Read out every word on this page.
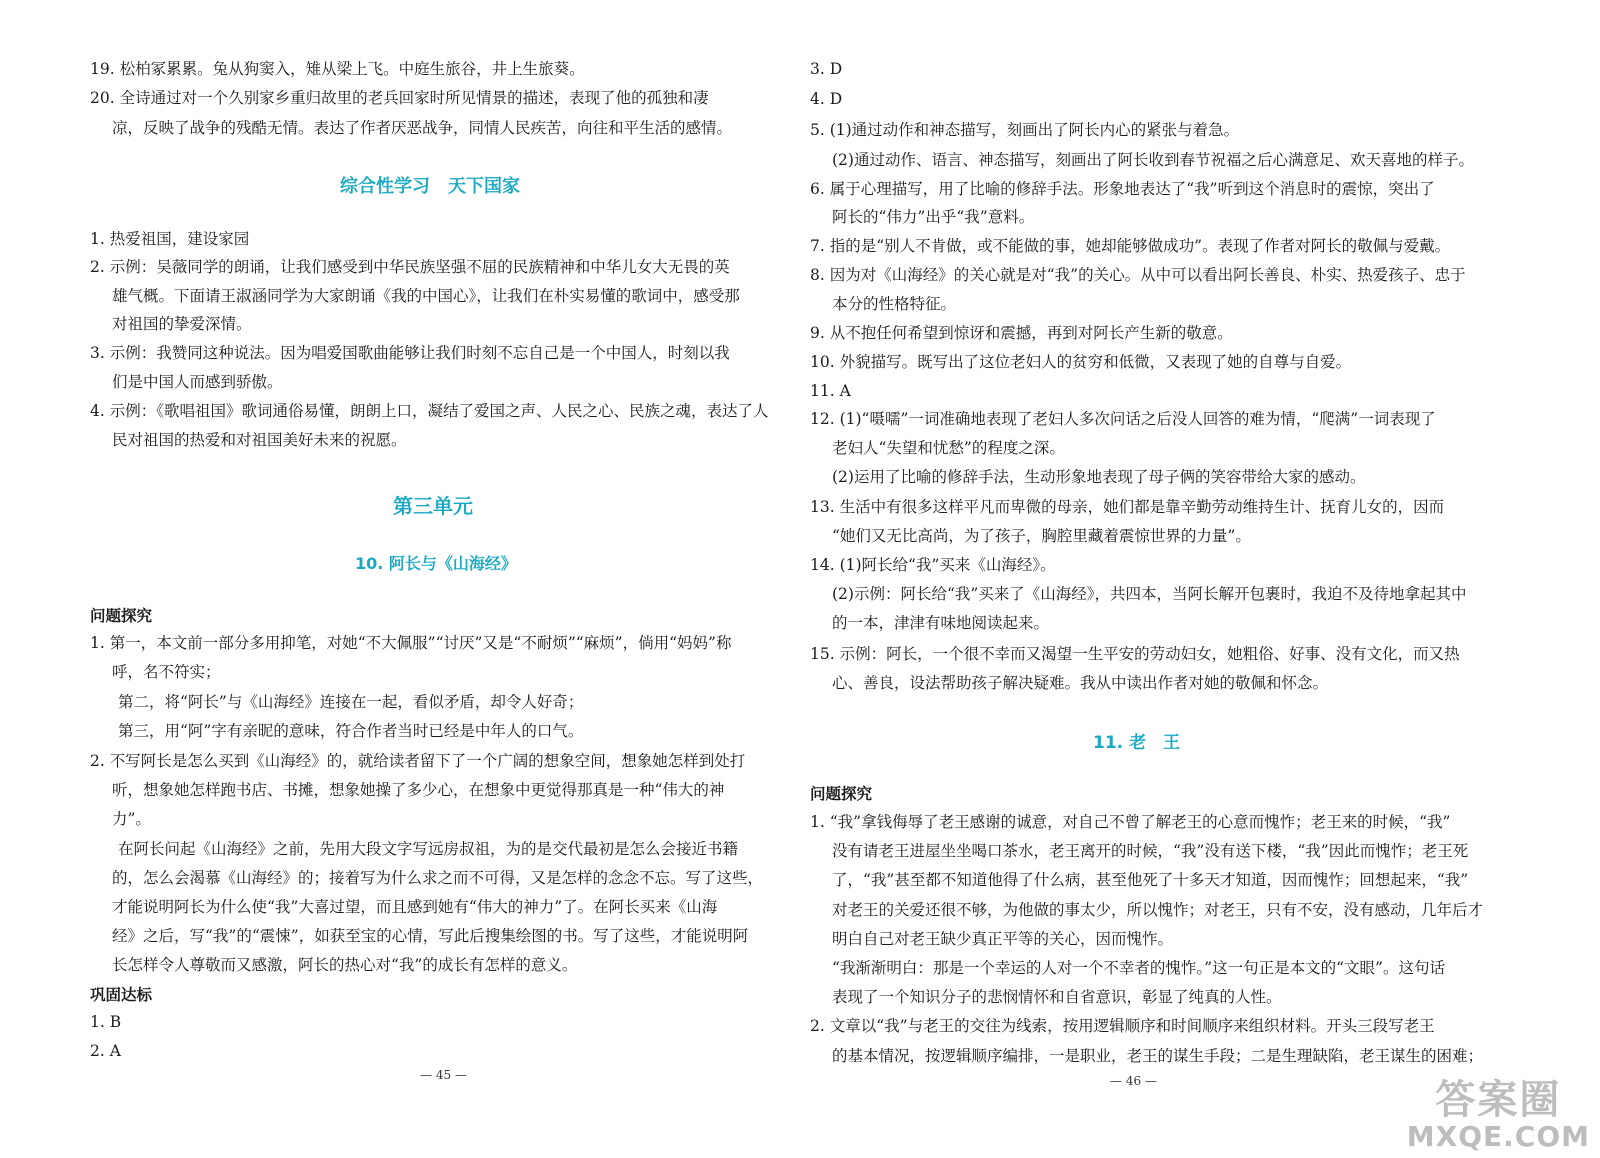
19. 松柏冢累累。兔从狗窦入，雉从梁上飞。中庭生旅谷，井上生旅葵。
20. 全诗通过对一个久别家乡重归故里的老兵回家时所见情景的描述，表现了他的孤独和凄
凉，反映了战争的残酷无情。表达了作者厌恶战争，同情人民疾苦，向往和平生活的感情。
综合性学习　天下国家
1. 热爱祖国，建设家园
2. 示例：吴薇同学的朗诵，让我们感受到中华民族坚强不屈的民族精神和中华儿女大无畏的英
雄气概。下面请王淑涵同学为大家朗诵《我的中国心》，让我们在朴实易懂的歌词中，感受那
对祖国的挚爱深情。
3. 示例：我赞同这种说法。因为唱爱国歌曲能够让我们时刻不忘自己是一个中国人，时刻以我
们是中国人而感到骄傲。
4. 示例：《歌唱祖国》歌词通俗易懂，朗朗上口，凝结了爱国之声、人民之心、民族之魂，表达了人
民对祖国的热爱和对祖国美好未来的祝愿。
第三单元
10. 阿长与《山海经》
问题探究
1. 第一，本文前一部分多用抑笔，对她“不大佩服”“讨厌”又是“不耐烦”“麻烦”，倘用“妈妈”称
呼，名不符实；
第二，将“阿长”与《山海经》连接在一起，看似矛盾，却令人好奇；
第三，用“阿”字有亲昵的意味，符合作者当时已经是中年人的口气。
2. 不写阿长是怎么买到《山海经》的，就给读者留下了一个广阔的想象空间，想象她怎样到处打
听，想象她怎样跑书店、书摊，想象她操了多少心，在想象中更觉得那真是一种“伟大的神
力”。
在阿长问起《山海经》之前，先用大段文字写远房叔祖，为的是交代最初是怎么会接近书籍
的，怎么会渴慕《山海经》的；接着写为什么求之而不可得，又是怎样的念念不忘。写了这些，
才能说明阿长为什么使“我”大喜过望，而且感到她有“伟大的神力”了。在阿长买来《山海
经》之后，写“我”的“震悚”，如获至宝的心情，写此后搜集绘图的书。写了这些，才能说明阿
长怎样令人尊敬而又感激，阿长的热心对“我”的成长有怎样的意义。
巩固达标
1. B
2. A
— 45 —
3. D
4. D
5. (1)通过动作和神态描写，刻画出了阿长内心的紧张与着急。
(2)通过动作、语言、神态描写，刻画出了阿长收到春节祝福之后心满意足、欢天喜地的样子。
6. 属于心理描写，用了比喻的修辞手法。形象地表达了“我”听到这个消息时的震惊，突出了
阿长的“伟力”出乎“我”意料。
7. 指的是“别人不肯做，或不能做的事，她却能够做成功”。表现了作者对阿长的敬佩与爱戴。
8. 因为对《山海经》的关心就是对“我”的关心。从中可以看出阿长善良、朴实、热爱孩子、忠于
本分的性格特征。
9. 从不抱任何希望到惊讶和震撼，再到对阿长产生新的敬意。
10. 外貌描写。既写出了这位老妇人的贫穷和低微，又表现了她的自尊与自爱。
11. A
12. (1)“嗫嚅”一词准确地表现了老妇人多次问话之后没人回答的难为情，“爬满”一词表现了
老妇人“失望和忧愁”的程度之深。
(2)运用了比喻的修辞手法，生动形象地表现了母子俩的笑容带给大家的感动。
13. 生活中有很多这样平凡而卑微的母亲，她们都是靠辛勤劳动维持生计、抚育儿女的，因而
“她们又无比高尚，为了孩子，胸腔里藏着震惊世界的力量”。
14. (1)阿长给“我”买来《山海经》。
(2)示例：阿长给“我”买来了《山海经》，共四本，当阿长解开包裹时，我迫不及待地拿起其中
的一本，津津有味地阅读起来。
15. 示例：阿长，一个很不幸而又渴望一生平安的劳动妇女，她粗俗、好事、没有文化，而又热
心、善良，设法帮助孩子解决疑难。我从中读出作者对她的敬佩和怀念。
11. 老　王
问题探究
1. “我”拿钱侮辱了老王感谢的诚意，对自己不曾了解老王的心意而愧怍；老王来的时候，“我”
没有请老王进屋坐坐喝口茶水，老王离开的时候，“我”没有送下楼，“我”因此而愧怍；老王死
了，“我”甚至都不知道他得了什么病，甚至他死了十多天才知道，因而愧怍；回想起来，“我”
对老王的关爱还很不够，为他做的事太少，所以愧怍；对老王，只有不安，没有感动，几年后才
明白自己对老王缺少真正平等的关心，因而愧怍。
“我渐渐明白：那是一个幸运的人对一个不幸者的愧怍。”这一句正是本文的“文眼”。这句话
表现了一个知识分子的悲悯情怀和自省意识，彰显了纯真的人性。
2. 文章以“我”与老王的交往为线索，按用逻辑顺序和时间顺序来组织材料。开头三段写老王
的基本情况，按逻辑顺序编排，一是职业，老王的谋生手段；二是生理缺陷，老王谋生的困难；
— 46 —	答案圈
MXQE.COM
